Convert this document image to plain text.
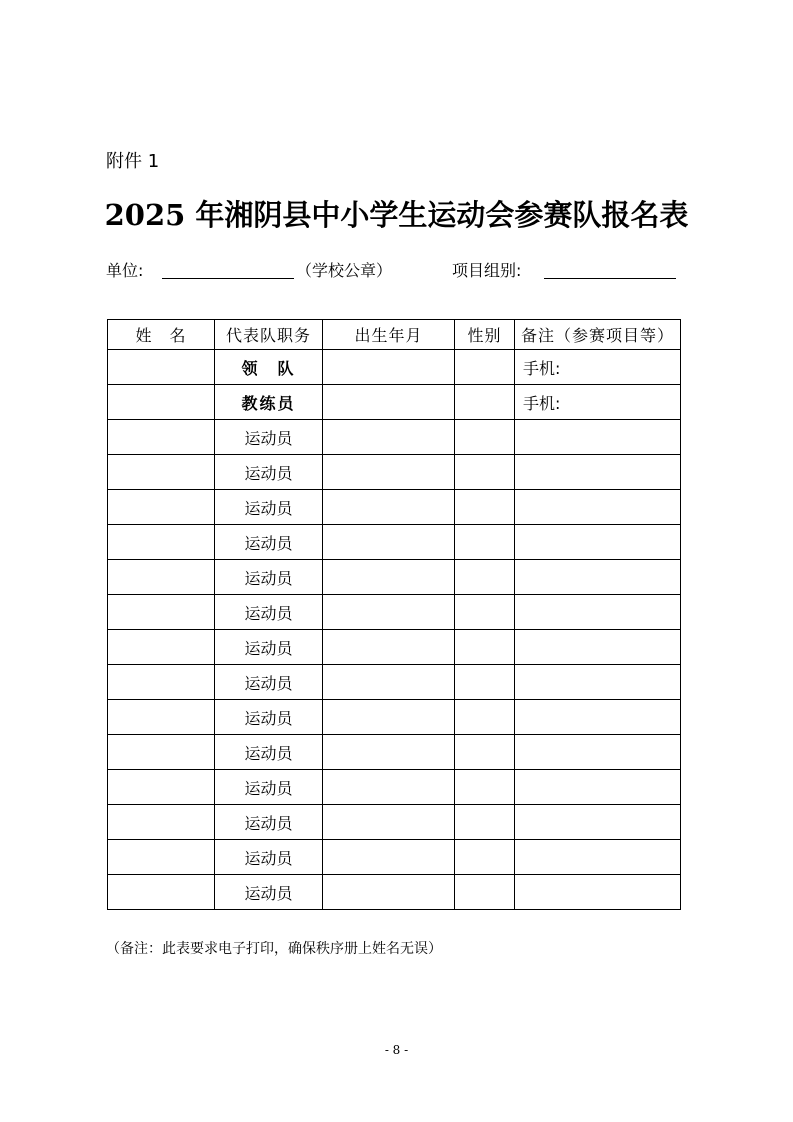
附件 1
2025 年湘阴县中小学生运动会参赛队报名表
单位:	（学校公章）	项目组别:
姓　名	代表队职务	出生年月	性别	备注（参赛项目等）
	领　队			手机:
	教练员			手机:
	运动员			
	运动员			
	运动员			
	运动员			
	运动员			
	运动员			
	运动员			
	运动员			
	运动员			
	运动员			
	运动员			
	运动员			
	运动员			
	运动员			
（备注：此表要求电子打印，确保秩序册上姓名无误）
- 8 -
